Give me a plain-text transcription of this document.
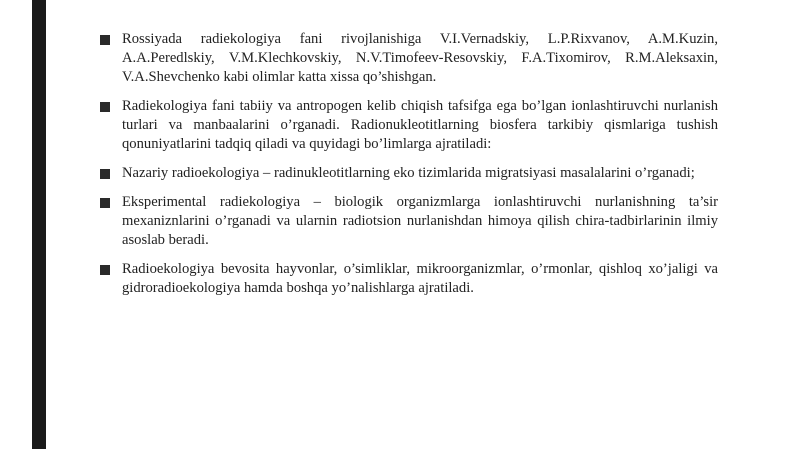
Rossiyada radiekologiya fani rivojlanishiga V.I.Vernadskiy, L.P.Rixvanov, A.M.Kuzin, A.A.Peredlskiy, V.M.Klechkovskiy, N.V.Timofeev-Resovskiy, F.A.Tixomirov, R.M.Aleksaxin, V.A.Shevchenko kabi olimlar katta xissa qo’shishgan.
Radiekologiya fani tabiiy va antropogen kelib chiqish tafsifga ega bo’lgan ionlashtiruvchi nurlanish turlari va manbaalarini o’rganadi. Radionukleotitlarning biosfera tarkibiy qismlariga tushish qonuniyatlarini tadqiq qiladi va quyidagi bo’limlarga ajratiladi:
Nazariy radioekologiya – radinukleotitlarning eko tizimlarida migratsiyasi masalalarini o’rganadi;
Eksperimental radiekologiya – biologik organizmlarga ionlashtiruvchi nurlanishning ta’sir mexaniznlarini o’rganadi va ularnin radiotsion nurlanishdan himoya qilish chira-tadbirlarinin ilmiy asoslab beradi.
Radioekologiya bevosita hayvonlar, o’simliklar, mikroorganizmlar, o’rmonlar, qishloq xo’jaligi va gidroradioekologiya hamda boshqa yo’nalishlarga ajratiladi.
